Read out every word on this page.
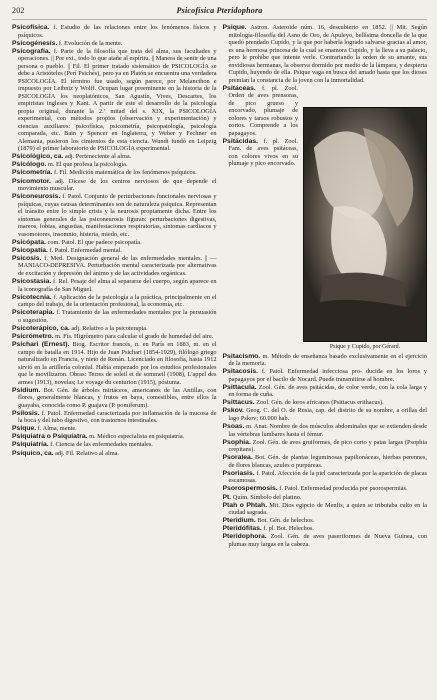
202	Psicofísica Pteridophora

Psicofísica. f. Estudio de las relaciones entre los fenómenos físicos y psíquicos.

Psicogénesis. f. Evolución de la mente.

Psicografía. f. Parte de la filosofía que trata del alma, sus facultades y operaciones. || Por ext., todo lo que atañe al espíritu. || Manera de sentir de una persona o pueblo. || Fil. El primer tratado sistemático de PSICOLOGÍA se debe a Aristóteles (Perí Psichés), pero ya en Platón se encuentra una verdadera PSICOLOGÍA. El término fue usado, según parece, por Melancthon e impuesto por Leibniz y Wolff. Ocupan lugar preeminente en la historia de la PSICOLOGÍA los neoplatónicos, San Agustín, Vives, Descartes, los empiristas ingleses y Kant. A partir de este el desarrollo de la psicología propia original, durante la 2.ª mitad del s. XIX, la PSICOLOGÍA experimental, con métodos propios (observación y experimentación) y ciencias auxiliares: psicofísica, psicometría, psicopatología, psicología comparada, etc. Bain y Spencer en Inglaterra, y Weber y Fechner en Alemania, pusieron los cimientos de esta ciencia. Wundt fundó en Leipzig (1879) el primer laboratorio de PSICOLOGÍA experimental.

Psicológico, ca. adj. Perteneciente al alma.

Psicólogo. m. El que profesa la psicología.

Psicometría. f. Fil. Medición matemática de los fenómenos psíquicos.

Psicomotor. adj. Dícese de los centros nerviosos de que depende el movimiento muscular.

Psiconeurosis. f. Patol. Conjunto de perturbaciones funcionales nerviosas y psíquicas, cuyas causas determinantes son de naturaleza psíquica. Representan el tránsito entre lo simple crisis y la neurosis propiamente dicha. Entre los síntomas generales de las psiconeurosis figuran: perturbaciones digestivas, mareos, fobias, angustias, manifestaciones respiratorias, síntomas cardiacos y vasomotores, insomnio, histeria, miedo, etc.

Psicópata. com. Patol. El que padece psicopatía.

Psicopatía. f. Patol. Enfermedad mental.

Psicosis. f. Med. Designación general de las enfermedades mentales. || — MANIACO-DEPRESIVA. Perturbación mental caracterizada por alternativas de excitación y depresión del ánimo y de las actividades orgánicas.

Psicostasia. f. Rel. Pesaje del alma al separarse del cuerpo, según aparece en la iconografía de San Miguel.

Psicotecnia. f. Aplicación de la psicología a la práctica, principalmente en el campo del trabajo, de la orientación profesional, la economía, etc.

Psicoterapia. f. Tratamiento de las enfermedades mentales por la persuasión o sugestión.

Psicoterápico, ca. adj. Relativo a la psicoterapia.

Psicrómetro. m. Fís. Higrómetro para calcular el grado de humedad del aire.

Psichari (Ernest). Biog. Escritor francés, n. en París en 1883, m. en el campo de batalla en 1914. Hijo de Juan Psichari (1854-1929), filólogo griego naturalizado en Francia, y nieto de Renán. Licenciado en filosofía, hasta 1912 sirvió en la artillería colonial. Había empezado por los estudios profesionales que le movilizaron. Obras: Terres de soleil et de sommeil (1908), L'appel des armes (1913), novelas; Le voyage du centurion (1915), póstuma.

Psidium. Bot. Gén. de árboles mirtáceos, americanos de las Antillas, con flores, generalmente blancas, y frutos en baya, comestibles, entre ellos la guayaba, conocida como P. guajava (P. pomiferum).

Psilosis. f. Patol. Enfermedad caracterizada por inflamación de la mucosa de la boca y del tubo digestivo, con trastornos intestinales.

Psique. f. Alma, mente.

Psiquiatra o Psiquíatra. m. Médico especialista en psiquiatría.

Psiquiatría. f. Ciencia de las enfermedades mentales.

Psíquico, ca. adj. Fil. Relativo al alma.

Psique. Astron. Asteroide núm. 16, descubierto en 1852. || Mit. Según mitología-filosofía del Asno de Oro, de Apuleyo, bellísima doncella de la que quedó prendado Cupido, y la que por haberla logrado salvarse gracias al amor, es una hermosa princesa de la cual se enamora Cupido, y la lleva a su palacio, pero le prohíbe que intente verle. Contrariando la orden de su amante, sus envidiosas hermanas, la observa dormido por medio de la lámpara, y despierta Cupido, huyendo de ella. Psique vaga en busca del amado hasta que los dioses premian la constancia de la joven con la inmortalidad.

Psique y Cupido, por Gérard.

Psitáceas. f. pl. Zool. Orden de aves prensoras, de pico grueso y encorvado, plumaje de colores y tarsos robustos y cortos. Comprende a los papagayos.

Psitácidas. f. pl. Zool. Fam. de aves psitáceas, con colores vivos en su plumaje y pico encorvado.

Psitacismo. m. Método de enseñanza basado exclusivamente en el ejercicio de la memoria.

Psitacosis. f. Patol. Enfermedad infecciosa pro- ducida en los loros y papagayos por el bacilo de Nocard. Puede transmitirse al hombre.

Psittacula. Zool. Gén. de aves psitácidas, de color verde, con la cola larga y en forma de cuña.

Psittacus. Zool. Gén. de loros africanos (Psittacus erithacus).

Pskov. Geog. C. del O. de Rusia, cap. del distrito de su nombre, a orillas del lago Pskov; 60.000 hab.

Psoas. m. Anat. Nombre de dos músculos abdominales que se extienden desde las vértebras lumbares hasta el fémur.

Psophia. Zool. Gén. de aves gruiformes, de pico corto y patas largas (Psophia crepitans).

Psoralea. Bot. Gén. de plantas leguminosas papilionáceas, hierbas perennes, de flores blancas, azules o purpúreas.

Psoriasis. f. Patol. Afección de la piel caracterizada por la aparición de placas escamosas.

Psorospermosis. f. Patol. Enfermedad producida por psorospermias.

Pt. Quím. Símbolo del platino.

Ptah o Phtah. Mit. Dios egipcio de Menfis, a quien se tributaba culto en la ciudad sagrada.

Pteridium. Bot. Gén. de helechos.

Pteridófitas. f. pl. Bot. Helechos.

Pteridophora. Zool. Gén. de aves paseriformes de Nueva Guinea, con plumas muy largas en la cabeza.
